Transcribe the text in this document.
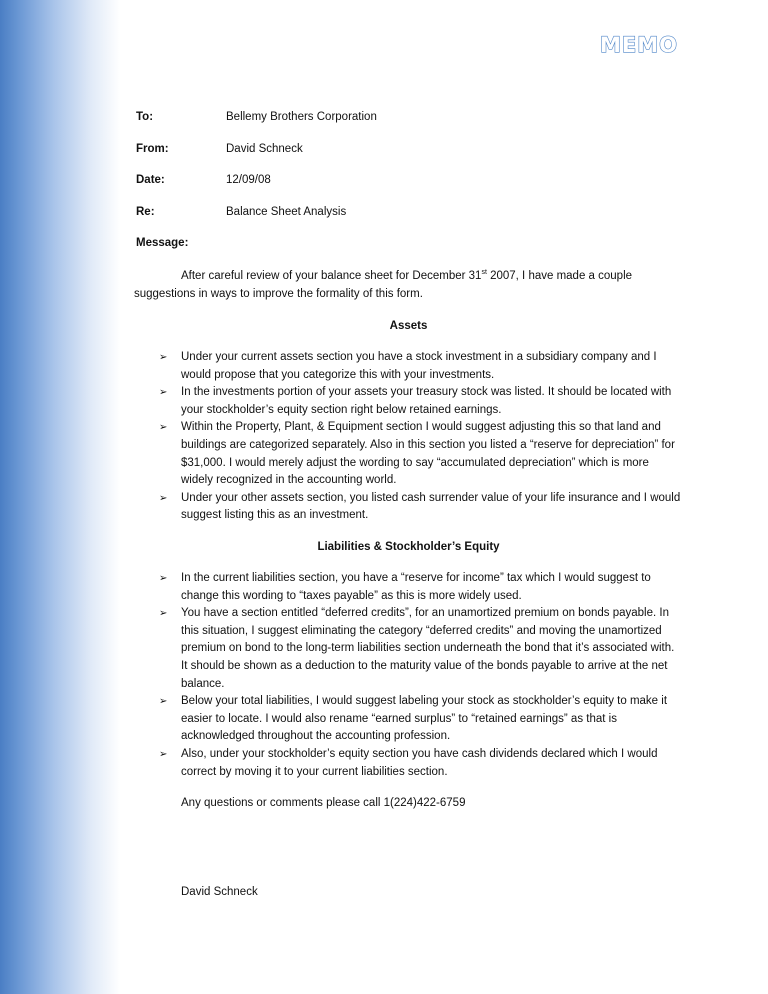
MEMO
To:	Bellemy Brothers Corporation
From:	David Schneck
Date:	12/09/08
Re:	Balance Sheet Analysis
Message:
After careful review of your balance sheet for December 31st 2007, I have made a couple suggestions in ways to improve the formality of this form.
Assets
➢ Under your current assets section you have a stock investment in a subsidiary company and I would propose that you categorize this with your investments.
➢ In the investments portion of your assets your treasury stock was listed. It should be located with your stockholder’s equity section right below retained earnings.
➢ Within the Property, Plant, & Equipment section I would suggest adjusting this so that land and buildings are categorized separately. Also in this section you listed a “reserve for depreciation” for $31,000. I would merely adjust the wording to say “accumulated depreciation” which is more widely recognized in the accounting world.
➢ Under your other assets section, you listed cash surrender value of your life insurance and I would suggest listing this as an investment.
Liabilities & Stockholder’s Equity
➢ In the current liabilities section, you have a “reserve for income” tax which I would suggest to change this wording to “taxes payable” as this is more widely used.
➢ You have a section entitled “deferred credits”, for an unamortized premium on bonds payable. In this situation, I suggest eliminating the category “deferred credits” and moving the unamortized premium on bond to the long-term liabilities section underneath the bond that it’s associated with. It should be shown as a deduction to the maturity value of the bonds payable to arrive at the net balance.
➢ Below your total liabilities, I would suggest labeling your stock as stockholder’s equity to make it easier to locate. I would also rename “earned surplus” to “retained earnings” as that is acknowledged throughout the accounting profession.
➢ Also, under your stockholder’s equity section you have cash dividends declared which I would correct by moving it to your current liabilities section.
Any questions or comments please call 1(224)422-6759
David Schneck
